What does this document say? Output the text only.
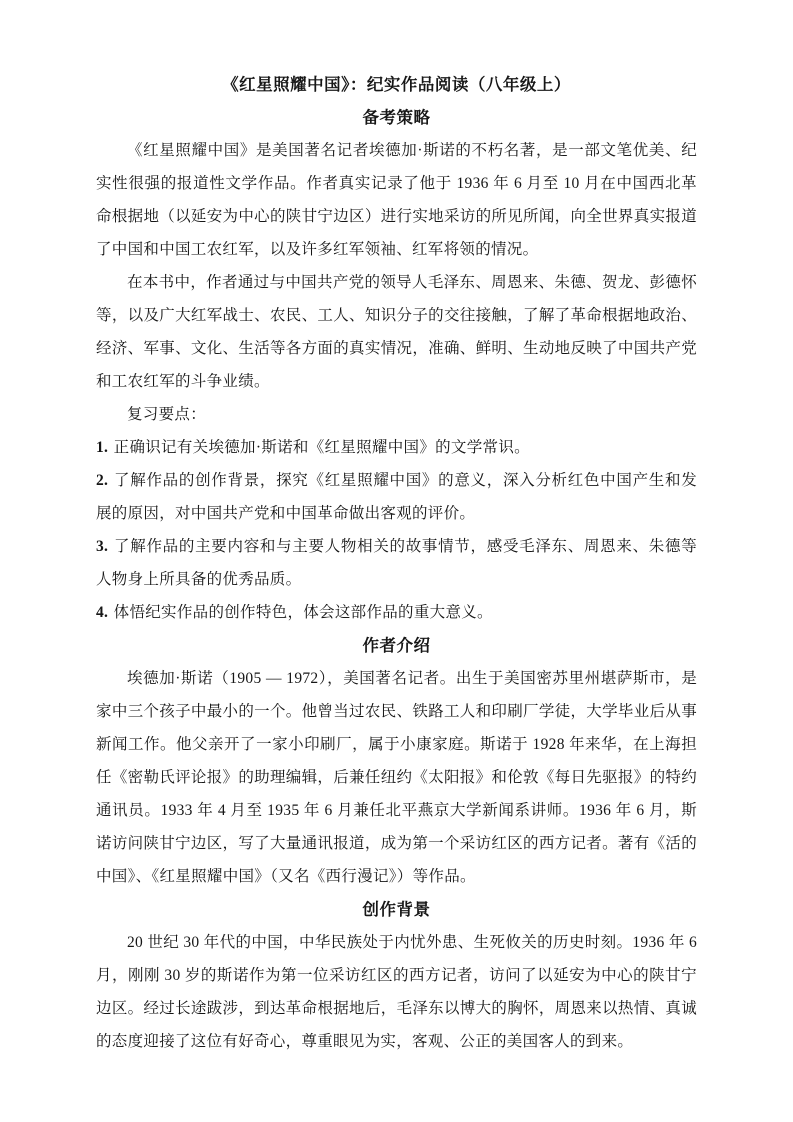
《红星照耀中国》：纪实作品阅读（八年级上）
备考策略

《红星照耀中国》是美国著名记者埃德加·斯诺的不朽名著，是一部文笔优美、纪实性很强的报道性文学作品。作者真实记录了他于 1936 年 6 月至 10 月在中国西北革命根据地（以延安为中心的陕甘宁边区）进行实地采访的所见所闻，向全世界真实报道了中国和中国工农红军，以及许多红军领袖、红军将领的情况。

在本书中，作者通过与中国共产党的领导人毛泽东、周恩来、朱德、贺龙、彭德怀等，以及广大红军战士、农民、工人、知识分子的交往接触，了解了革命根据地政治、经济、军事、文化、生活等各方面的真实情况，准确、鲜明、生动地反映了中国共产党和工农红军的斗争业绩。

复习要点：

1. 正确识记有关埃德加·斯诺和《红星照耀中国》的文学常识。

2. 了解作品的创作背景，探究《红星照耀中国》的意义，深入分析红色中国产生和发展的原因，对中国共产党和中国革命做出客观的评价。

3. 了解作品的主要内容和与主要人物相关的故事情节，感受毛泽东、周恩来、朱德等人物身上所具备的优秀品质。

4. 体悟纪实作品的创作特色，体会这部作品的重大意义。

作者介绍

埃德加·斯诺（1905 — 1972），美国著名记者。出生于美国密苏里州堪萨斯市，是家中三个孩子中最小的一个。他曾当过农民、铁路工人和印刷厂学徒，大学毕业后从事新闻工作。他父亲开了一家小印刷厂，属于小康家庭。斯诺于 1928 年来华，在上海担任《密勒氏评论报》的助理编辑，后兼任纽约《太阳报》和伦敦《每日先驱报》的特约通讯员。1933 年 4 月至 1935 年 6 月兼任北平燕京大学新闻系讲师。1936 年 6 月，斯诺访问陕甘宁边区，写了大量通讯报道，成为第一个采访红区的西方记者。著有《活的中国》、《红星照耀中国》（又名《西行漫记》）等作品。

创作背景

20 世纪 30 年代的中国，中华民族处于内忧外患、生死攸关的历史时刻。1936 年 6 月，刚刚 30 岁的斯诺作为第一位采访红区的西方记者，访问了以延安为中心的陕甘宁边区。经过长途跋涉，到达革命根据地后，毛泽东以博大的胸怀，周恩来以热情、真诚的态度迎接了这位有好奇心，尊重眼见为实，客观、公正的美国客人的到来。
